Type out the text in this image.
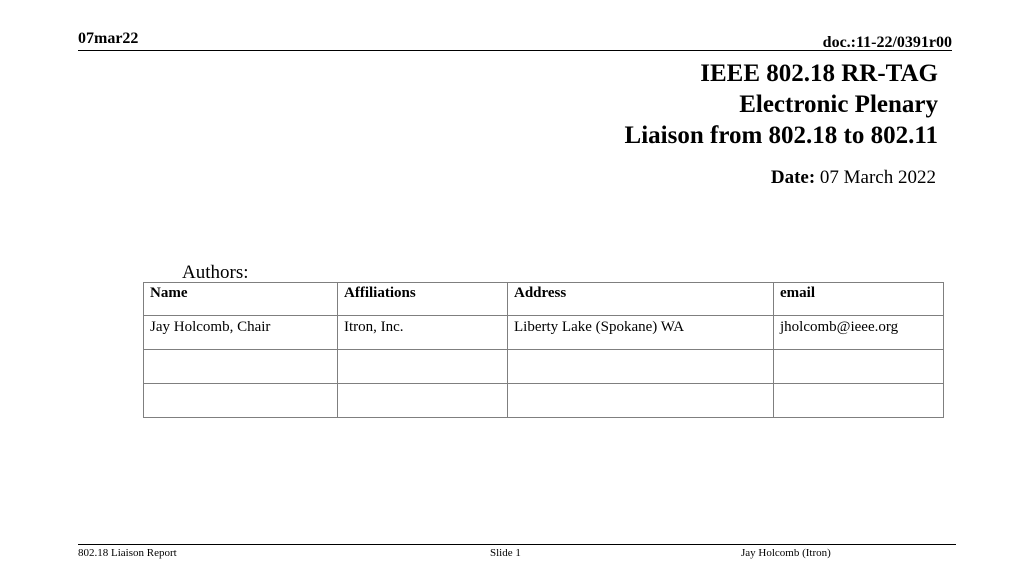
07mar22	doc.:11-22/0391r00
IEEE 802.18 RR-TAG
Electronic Plenary
Liaison from 802.18 to 802.11
Date: 07 March 2022
Authors:
Name	Affiliations	Address	email
Jay Holcomb, Chair	Itron, Inc.	Liberty Lake (Spokane) WA	jholcomb@ieee.org

802.18 Liaison Report	Slide 1	Jay Holcomb (Itron)
